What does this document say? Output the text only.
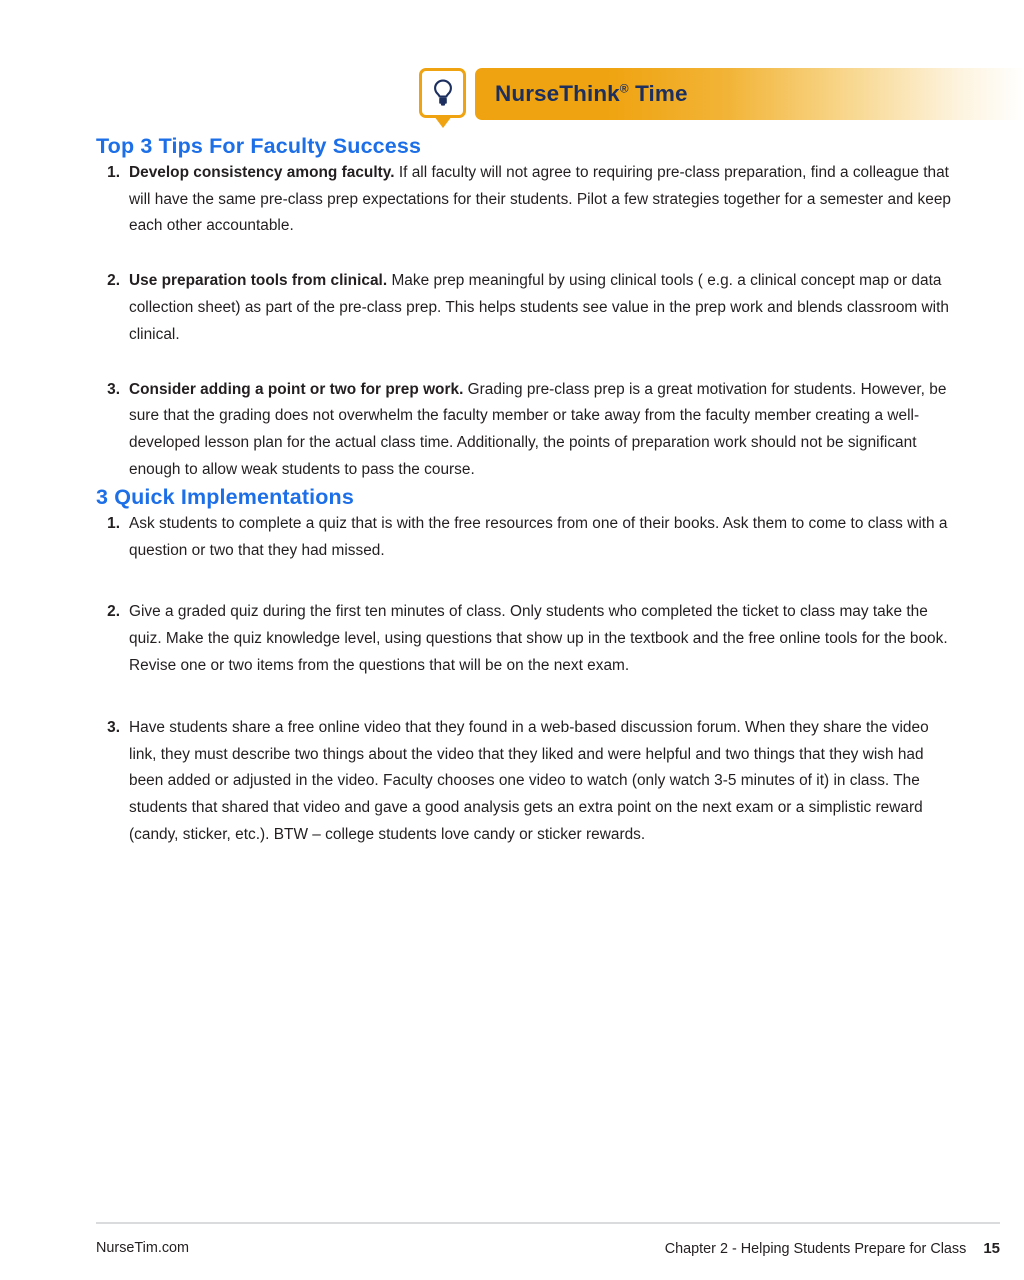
NurseThink® Time
Top 3 Tips For Faculty Success
1. Develop consistency among faculty. If all faculty will not agree to requiring pre-class preparation, find a colleague that will have the same pre-class prep expectations for their students. Pilot a few strategies together for a semester and keep each other accountable.
2. Use preparation tools from clinical. Make prep meaningful by using clinical tools ( e.g. a clinical concept map or data collection sheet) as part of the pre-class prep. This helps students see value in the prep work and blends classroom with clinical.
3. Consider adding a point or two for prep work. Grading pre-class prep is a great motivation for students. However, be sure that the grading does not overwhelm the faculty member or take away from the faculty member creating a well-developed lesson plan for the actual class time. Additionally, the points of preparation work should not be significant enough to allow weak students to pass the course.
3 Quick Implementations
1. Ask students to complete a quiz that is with the free resources from one of their books. Ask them to come to class with a question or two that they had missed.
2. Give a graded quiz during the first ten minutes of class. Only students who completed the ticket to class may take the quiz. Make the quiz knowledge level, using questions that show up in the textbook and the free online tools for the book. Revise one or two items from the questions that will be on the next exam.
3. Have students share a free online video that they found in a web-based discussion forum. When they share the video link, they must describe two things about the video that they liked and were helpful and two things that they wish had been added or adjusted in the video. Faculty chooses one video to watch (only watch 3-5 minutes of it) in class. The students that shared that video and gave a good analysis gets an extra point on the next exam or a simplistic reward (candy, sticker, etc.). BTW – college students love candy or sticker rewards.
NurseTim.com	Chapter 2 - Helping Students Prepare for Class 15
